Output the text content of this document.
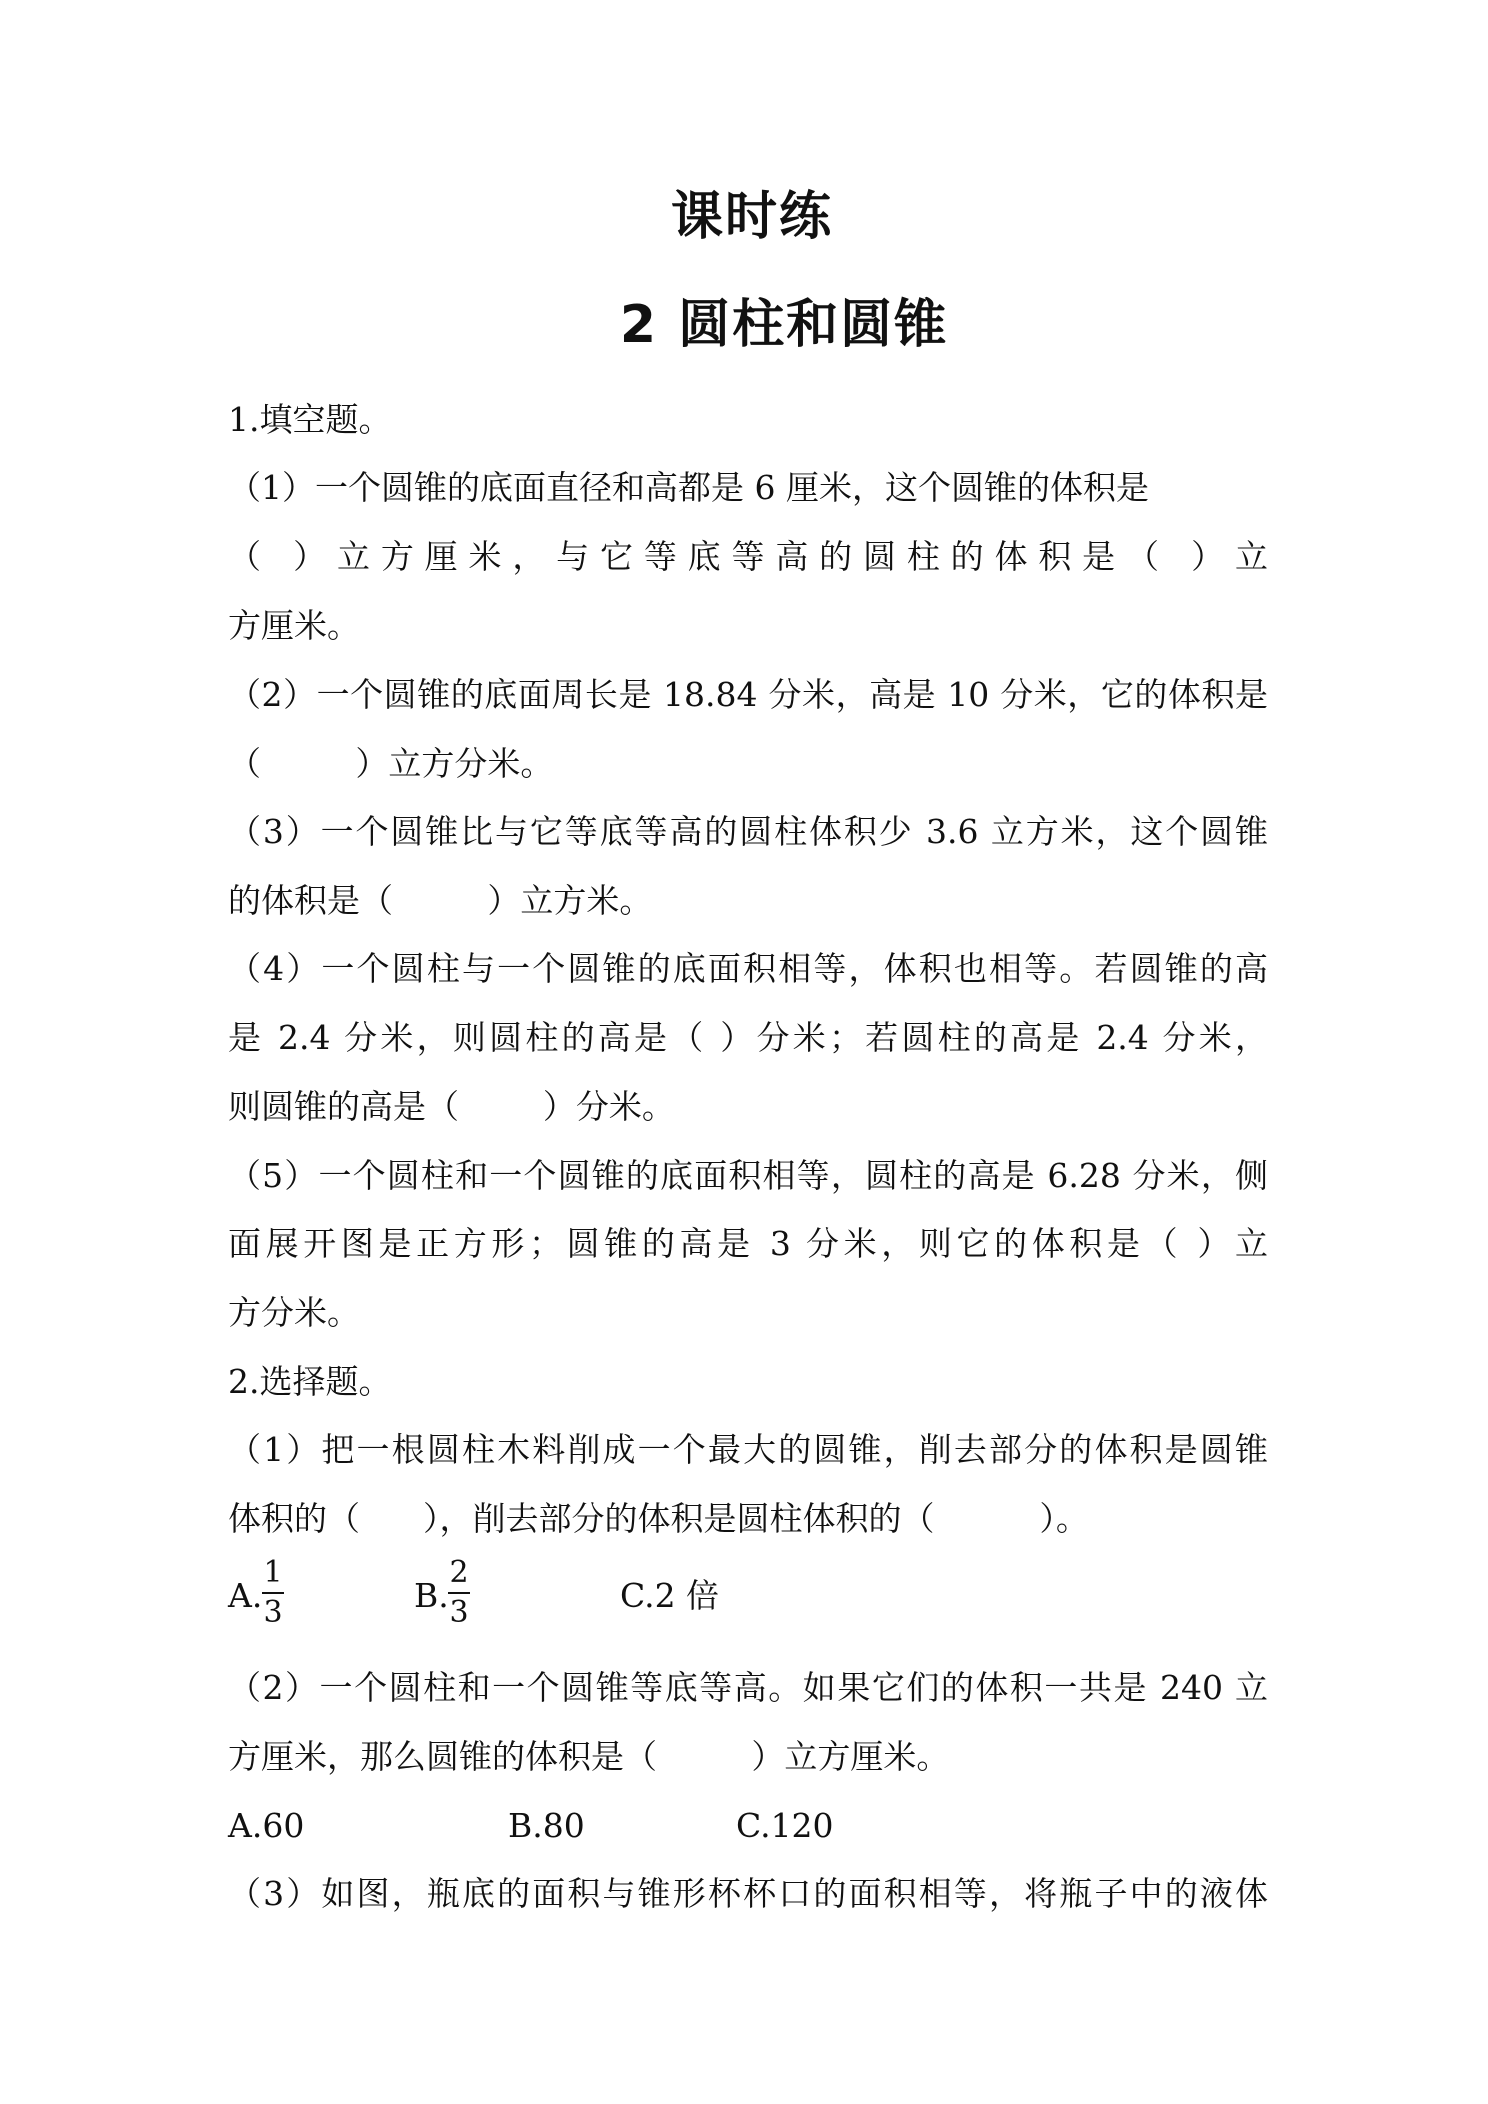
课时练
2 圆柱和圆锥
1.填空题。
（1）一个圆锥的底面直径和高都是 6 厘米，这个圆锥的体积是
（ ）立方厘米，与它等底等高的圆柱的体积是（ ）立
方厘米。
（2）一个圆锥的底面周长是 18.84 分米，高是 10 分米，它的体积是
（         ）立方分米。
（3）一个圆锥比与它等底等高的圆柱体积少 3.6 立方米，这个圆锥
的体积是（         ）立方米。
（4）一个圆柱与一个圆锥的底面积相等，体积也相等。若圆锥的高
是 2.4 分米，则圆柱的高是（ ）分米；若圆柱的高是 2.4 分米，
则圆锥的高是（        ）分米。
（5）一个圆柱和一个圆锥的底面积相等，圆柱的高是 6.28 分米，侧
面展开图是正方形；圆锥的高是 3 分米，则它的体积是（ ）立
方分米。
2.选择题。
（1）把一根圆柱木料削成一个最大的圆锥，削去部分的体积是圆锥
体积的（      ），削去部分的体积是圆柱体积的（          ）。
A. $\frac{1}{3}$	B. $\frac{2}{3}$	C.2 倍
（2）一个圆柱和一个圆锥等底等高。如果它们的体积一共是 240 立
方厘米，那么圆锥的体积是（         ）立方厘米。
A.60	B.80	C.120
（3）如图，瓶底的面积与锥形杯杯口的面积相等，将瓶子中的液体
